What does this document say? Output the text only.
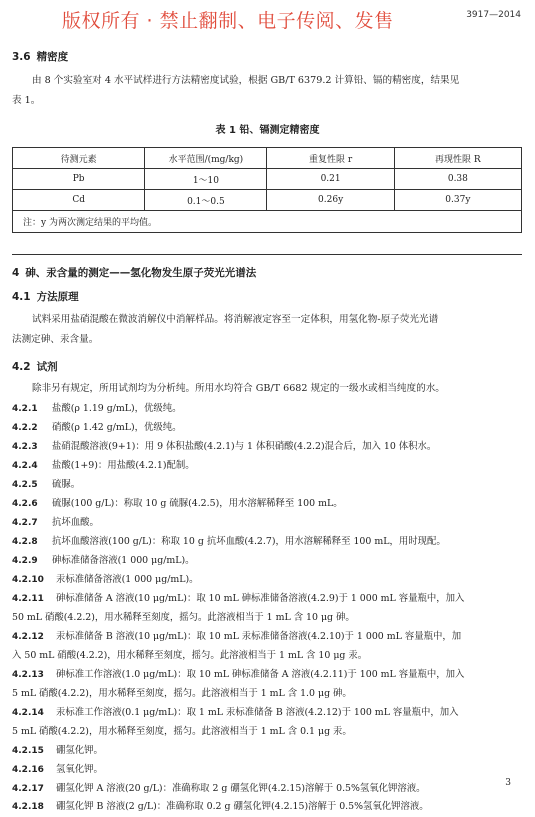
版权所有 · 禁止翻制、电子传阅、发售	3917—2014
3.6 精密度
由 8 个实验室对 4 水平试样进行方法精密度试验，根据 GB/T 6379.2 计算铅、镉的精密度，结果见
表 1。
表 1 铅、镉测定精密度
待测元素	水平范围/(mg/kg)	重复性限 r	再现性限 R
Pb	1～10	0.21	0.38
Cd	0.1～0.5	0.26y	0.37y
注：y 为两次测定结果的平均值。			
4 砷、汞含量的测定——氢化物发生原子荧光光谱法
4.1 方法原理
试料采用盐硝混酸在微波消解仪中消解样品。将消解液定容至一定体积，用氢化物-原子荧光光谱
法测定砷、汞含量。
4.2 试剂
除非另有规定，所用试剂均为分析纯。所用水均符合 GB/T 6682 规定的一级水或相当纯度的水。
4.2.1 盐酸(ρ 1.19 g/mL)，优级纯。
4.2.2 硝酸(ρ 1.42 g/mL)，优级纯。
4.2.3 盐硝混酸溶液(9+1)：用 9 体积盐酸(4.2.1)与 1 体积硝酸(4.2.2)混合后，加入 10 体积水。
4.2.4 盐酸(1+9)：用盐酸(4.2.1)配制。
4.2.5 硫脲。
4.2.6 硫脲(100 g/L)：称取 10 g 硫脲(4.2.5)，用水溶解稀释至 100 mL。
4.2.7 抗坏血酸。
4.2.8 抗坏血酸溶液(100 g/L)：称取 10 g 抗坏血酸(4.2.7)，用水溶解稀释至 100 mL，用时现配。
4.2.9 砷标准储备溶液(1 000 μg/mL)。
4.2.10 汞标准储备溶液(1 000 μg/mL)。
4.2.11 砷标准储备 A 溶液(10 μg/mL)：取 10 mL 砷标准储备溶液(4.2.9)于 1 000 mL 容量瓶中，加入
50 mL 硝酸(4.2.2)，用水稀释至刻度，摇匀。此溶液相当于 1 mL 含 10 μg 砷。
4.2.12 汞标准储备 B 溶液(10 μg/mL)：取 10 mL 汞标准储备溶液(4.2.10)于 1 000 mL 容量瓶中，加
入 50 mL 硝酸(4.2.2)，用水稀释至刻度，摇匀。此溶液相当于 1 mL 含 10 μg 汞。
4.2.13 砷标准工作溶液(1.0 μg/mL)：取 10 mL 砷标准储备 A 溶液(4.2.11)于 100 mL 容量瓶中，加入
5 mL 硝酸(4.2.2)，用水稀释至刻度，摇匀。此溶液相当于 1 mL 含 1.0 μg 砷。
4.2.14 汞标准工作溶液(0.1 μg/mL)：取 1 mL 汞标准储备 B 溶液(4.2.12)于 100 mL 容量瓶中，加入
5 mL 硝酸(4.2.2)，用水稀释至刻度，摇匀。此溶液相当于 1 mL 含 0.1 μg 汞。
4.2.15 硼氢化钾。
4.2.16 氢氧化钾。
4.2.17 硼氢化钾 A 溶液(20 g/L)：准确称取 2 g 硼氢化钾(4.2.15)溶解于 0.5%氢氧化钾溶液。
4.2.18 硼氢化钾 B 溶液(2 g/L)：准确称取 0.2 g 硼氢化钾(4.2.15)溶解于 0.5%氢氧化钾溶液。
3
